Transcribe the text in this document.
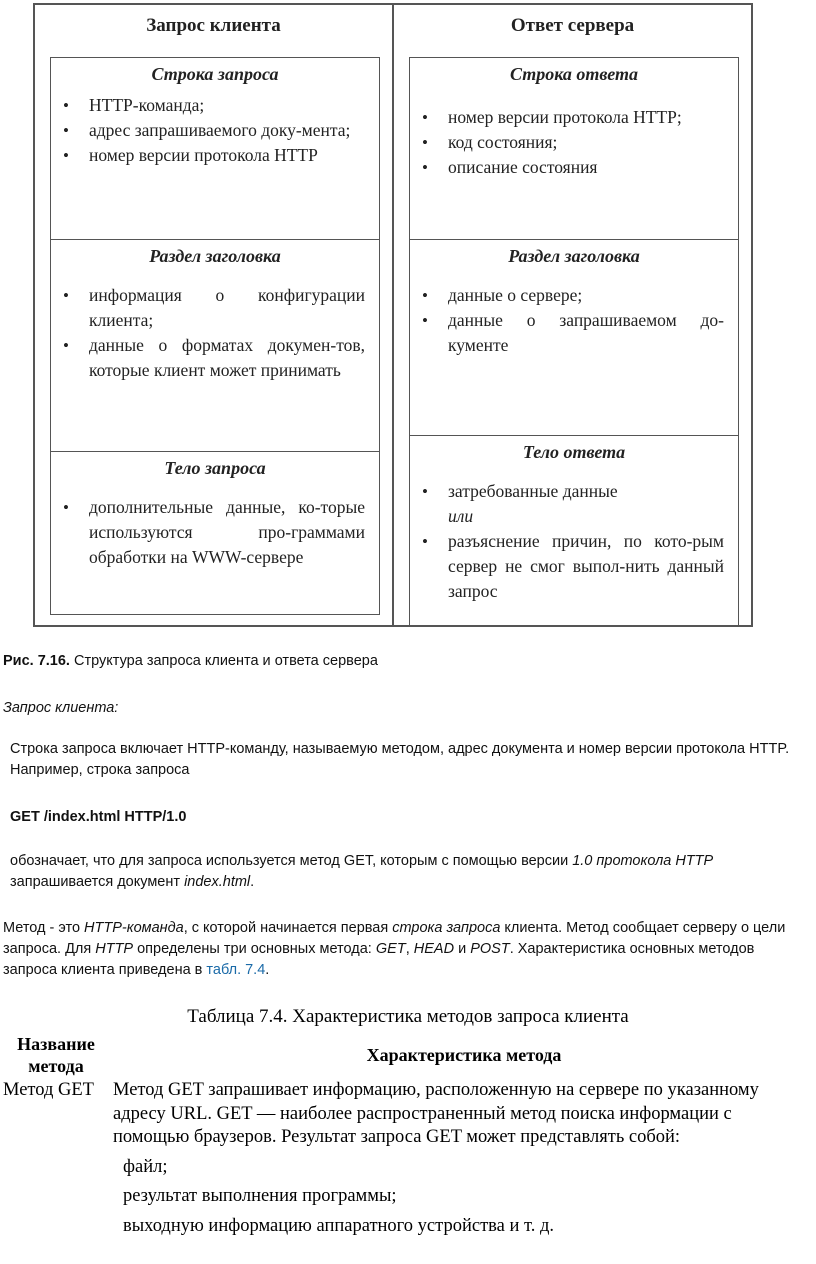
Запрос клиента	Ответ сервера
Строка запроса
• HTTP-команда;
• адрес запрашиваемого доку-мента;
• номер версии протокола HTTP
Раздел заголовка
• информация о конфигурации клиента;
• данные о форматах докумен-тов, которые клиент может принимать
Тело запроса
• дополнительные данные, ко-торые используются про-граммами обработки на WWW-сервере
Строка ответа
• номер версии протокола HTTP;
• код состояния;
• описание состояния
Раздел заголовка
• данные о сервере;
• данные о запрашиваемом до-кументе
Тело ответа
• затребованные данные
или
• разъяснение причин, по кото-рым сервер не смог выпол-нить данный запрос
Рис. 7.16. Структура запроса клиента и ответа сервера
Запрос клиента:
Строка запроса включает HTTP-команду, называемую методом, адрес документа и номер версии протокола HTTP. Например, строка запроса
GET /index.html HTTP/1.0
обозначает, что для запроса используется метод GET, которым с помощью версии 1.0 протокола HTTP запрашивается документ index.html.
Метод - это HTTP-команда, с которой начинается первая строка запроса клиента. Метод сообщает серверу о цели запроса. Для HTTP определены три основных метода: GET, HEAD и POST. Характеристика основных методов запроса клиента приведена в табл. 7.4.
Таблица 7.4. Характеристика методов запроса клиента
Название метода
Характеристика метода
Метод GET Метод GET запрашивает информацию, расположенную на сервере по указанному адресу URL. GET — наиболее распространенный метод поиска информации с помощью браузеров. Результат запроса GET может представлять собой:
файл;
результат выполнения программы;
выходную информацию аппаратного устройства и т. д.
